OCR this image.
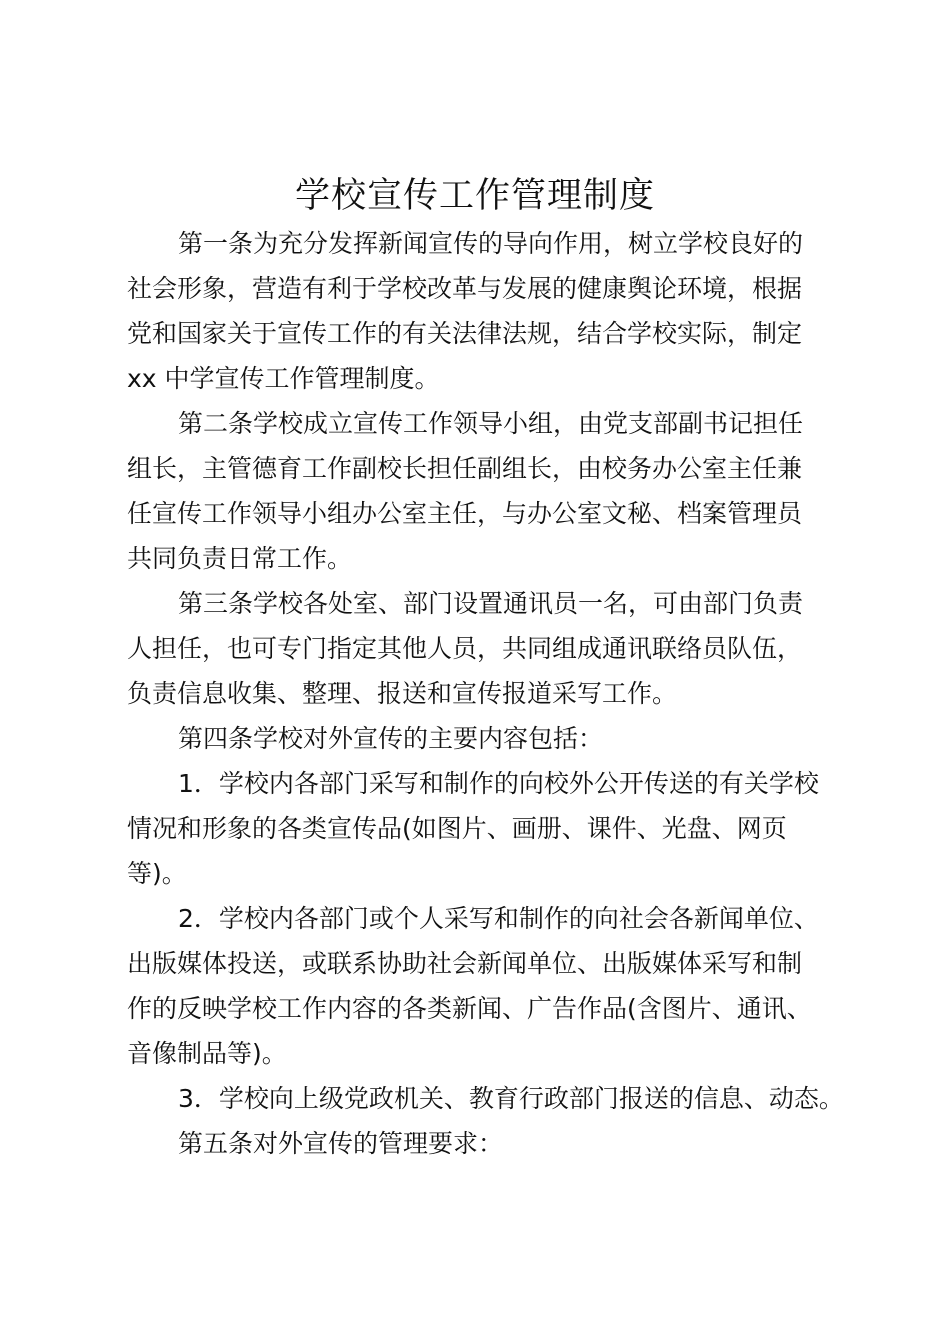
学校宣传工作管理制度

第一条为充分发挥新闻宣传的导向作用，树立学校良好的

社会形象，营造有利于学校改革与发展的健康舆论环境，根据

党和国家关于宣传工作的有关法律法规，结合学校实际，制定

xx 中学宣传工作管理制度。

第二条学校成立宣传工作领导小组，由党支部副书记担任

组长，主管德育工作副校长担任副组长，由校务办公室主任兼

任宣传工作领导小组办公室主任，与办公室文秘、档案管理员

共同负责日常工作。

第三条学校各处室、部门设置通讯员一名，可由部门负责

人担任，也可专门指定其他人员，共同组成通讯联络员队伍，

负责信息收集、整理、报送和宣传报道采写工作。

第四条学校对外宣传的主要内容包括：

1．学校内各部门采写和制作的向校外公开传送的有关学校

情况和形象的各类宣传品(如图片、画册、课件、光盘、网页

等)。

2．学校内各部门或个人采写和制作的向社会各新闻单位、

出版媒体投送，或联系协助社会新闻单位、出版媒体采写和制

作的反映学校工作内容的各类新闻、广告作品(含图片、通讯、

音像制品等)。

3．学校向上级党政机关、教育行政部门报送的信息、动态。

第五条对外宣传的管理要求：
